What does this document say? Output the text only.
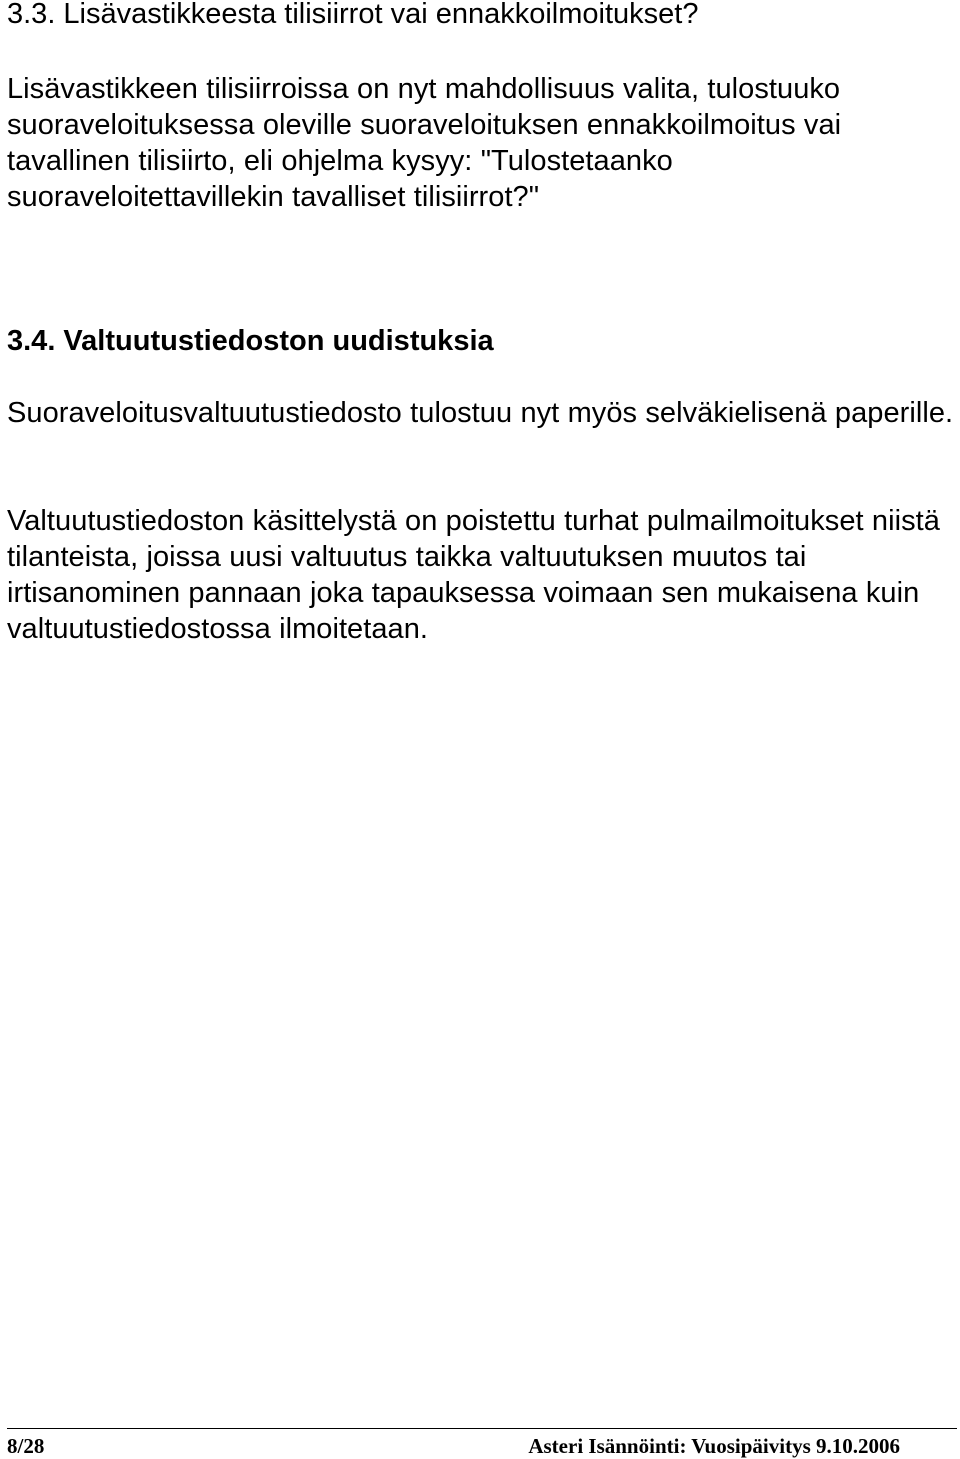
3.3. Lisävastikkeesta tilisiirrot vai ennakkoilmoitukset?

Lisävastikkeen tilisiirroissa on nyt mahdollisuus valita, tulostuuko suoraveloituksessa oleville suoraveloituksen ennakkoilmoitus vai tavallinen tilisiirto, eli ohjelma kysyy: "Tulostetaanko suoraveloitettavillekin tavalliset tilisiirrot?"

3.4. Valtuutustiedoston uudistuksia

Suoraveloitusvaltuutustiedosto tulostuu nyt myös selväkielisenä paperille.

Valtuutustiedoston käsittelystä on poistettu turhat pulmailmoitukset niistä tilanteista, joissa uusi valtuutus taikka valtuutuksen muutos tai irtisanominen pannaan joka tapauksessa voimaan sen mukaisena kuin valtuutustiedostossa ilmoitetaan.

8/28	Asteri Isännöinti: Vuosipäivitys 9.10.2006
